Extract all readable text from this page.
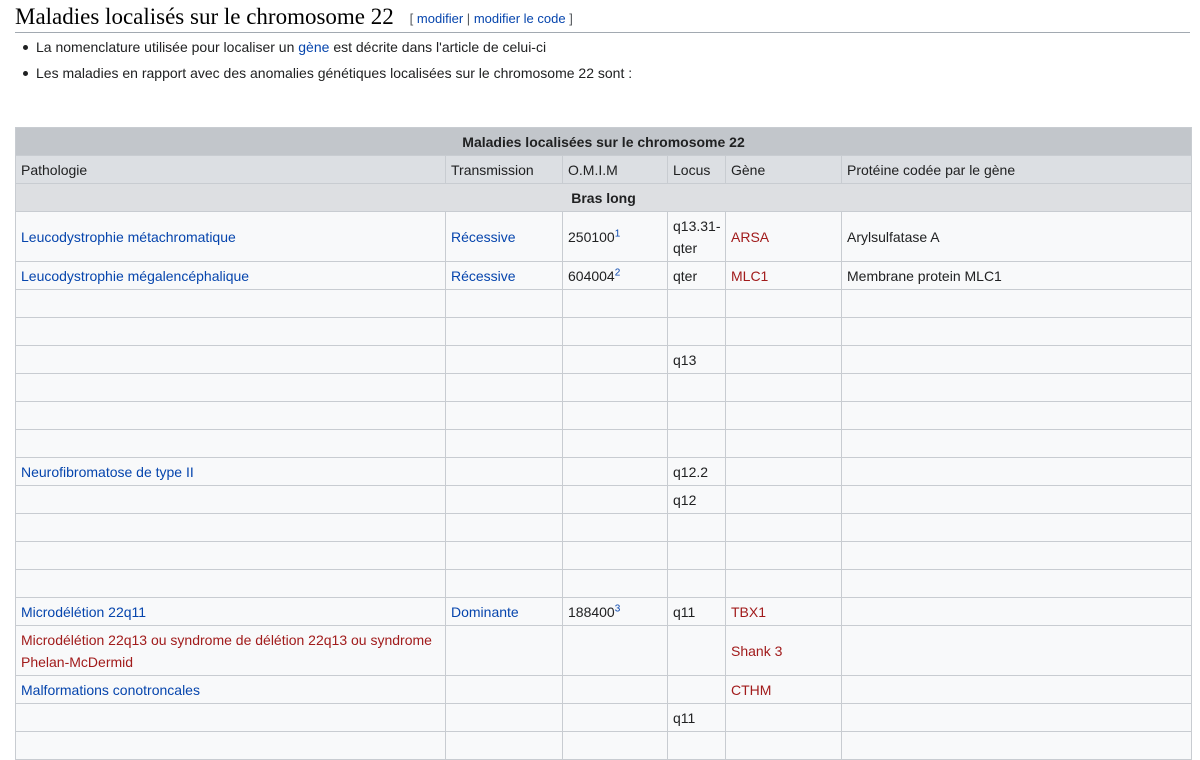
Maladies localisés sur le chromosome 22 [ modifier | modifier le code ]
La nomenclature utilisée pour localiser un gène est décrite dans l'article de celui-ci
Les maladies en rapport avec des anomalies génétiques localisées sur le chromosome 22 sont :
Maladies localisées sur le chromosome 22					
Pathologie	Transmission	O.M.I.M	Locus	Gène	Protéine codée par le gène
Bras long					
Leucodystrophie métachromatique	Récessive	250100$^1$	q13.31-qter	ARSA	Arylsulfatase A
Leucodystrophie mégalencéphalique	Récessive	604004$^2$	qter	MLC1	Membrane protein MLC1

			q13		

Neurofibromatose de type II			q12.2		
			q12		

Microdélétion 22q11	Dominante	188400$^3$	q11	TBX1	
Microdélétion 22q13 ou syndrome de délétion 22q13 ou syndrome Phelan-McDermid				Shank 3	
Malformations conotroncales				CTHM	
			q11		
